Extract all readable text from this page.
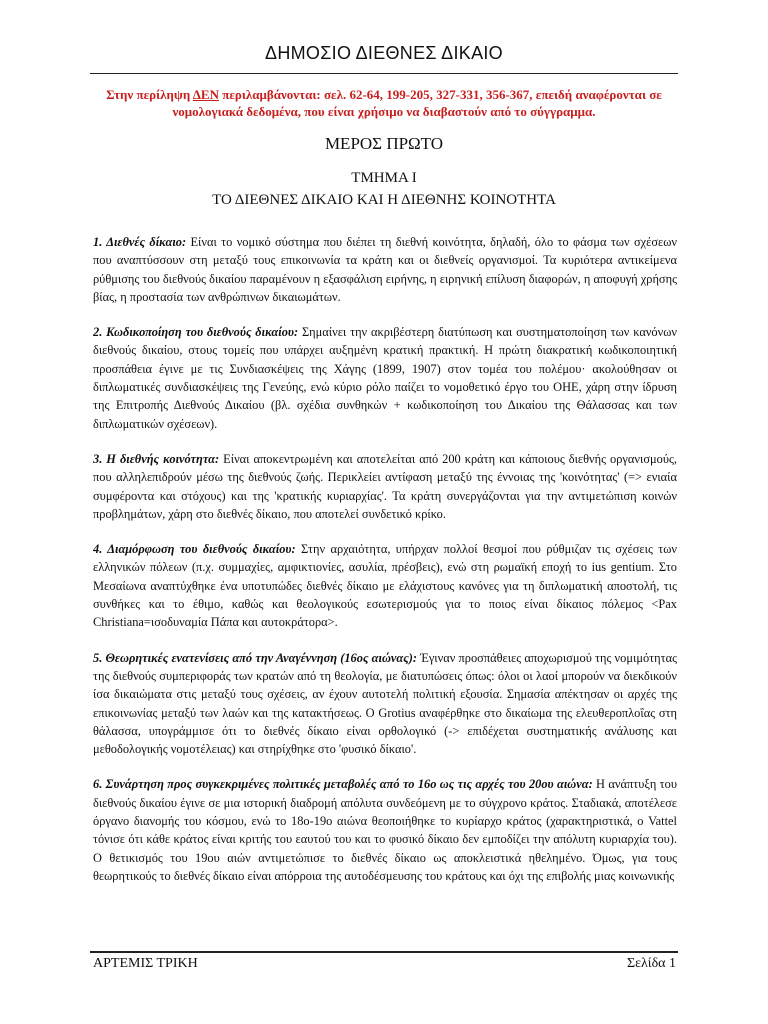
ΔΗΜΟΣΙΟ ΔΙΕΘΝΕΣ ΔΙΚΑΙΟ
Στην περίληψη ΔΕΝ περιλαμβάνονται: σελ. 62-64, 199-205, 327-331, 356-367, επειδή αναφέρονται σε νομολογιακά δεδομένα, που είναι χρήσιμο να διαβαστούν από το σύγγραμμα.
ΜΕΡΟΣ ΠΡΩΤΟ
ΤΜΗΜΑ Ι
ΤΟ ΔΙΕΘΝΕΣ ΔΙΚΑΙΟ ΚΑΙ Η ΔΙΕΘΝΗΣ ΚΟΙΝΟΤΗΤΑ

1. Διεθνές δίκαιο: Είναι το νομικό σύστημα που διέπει τη διεθνή κοινότητα, δηλαδή, όλο το φάσμα των σχέσεων που αναπτύσσουν στη μεταξύ τους επικοινωνία τα κράτη και οι διεθνείς οργανισμοί. Τα κυριότερα αντικείμενα ρύθμισης του διεθνούς δικαίου παραμένουν η εξασφάλιση ειρήνης, η ειρηνική επίλυση διαφορών, η αποφυγή χρήσης βίας, η προστασία των ανθρώπινων δικαιωμάτων.

2. Κωδικοποίηση του διεθνούς δικαίου: Σημαίνει την ακριβέστερη διατύπωση και συστηματοποίηση των κανόνων διεθνούς δικαίου, στους τομείς που υπάρχει αυξημένη κρατική πρακτική. Η πρώτη διακρατική κωδικοποιητική προσπάθεια έγινε με τις Συνδιασκέψεις της Χάγης (1899, 1907) στον τομέα του πολέμου· ακολούθησαν οι διπλωματικές συνδιασκέψεις της Γενεύης, ενώ κύριο ρόλο παίζει το νομοθετικό έργο του ΟΗΕ, χάρη στην ίδρυση της Επιτροπής Διεθνούς Δικαίου (βλ. σχέδια συνθηκών + κωδικοποίηση του Δικαίου της Θάλασσας και των διπλωματικών σχέσεων).

3. Η διεθνής κοινότητα: Είναι αποκεντρωμένη και αποτελείται από 200 κράτη και κάποιους διεθνής οργανισμούς, που αλληλεπιδρούν μέσω της διεθνούς ζωής. Περικλείει αντίφαση μεταξύ της έννοιας της 'κοινότητας' (=> ενιαία συμφέροντα και στόχους) και της 'κρατικής κυριαρχίας'. Τα κράτη συνεργάζονται για την αντιμετώπιση κοινών προβλημάτων, χάρη στο διεθνές δίκαιο, που αποτελεί συνδετικό κρίκο.

4. Διαμόρφωση του διεθνούς δικαίου: Στην αρχαιότητα, υπήρχαν πολλοί θεσμοί που ρύθμιζαν τις σχέσεις των ελληνικών πόλεων (π.χ. συμμαχίες, αμφικτιονίες, ασυλία, πρέσβεις), ενώ στη ρωμαϊκή εποχή το ius gentium. Στο Μεσαίωνα αναπτύχθηκε ένα υποτυπώδες διεθνές δίκαιο με ελάχιστους κανόνες για τη διπλωματική αποστολή, τις συνθήκες και το έθιμο, καθώς και θεολογικούς εσωτερισμούς για το ποιος είναι δίκαιος πόλεμος <Pax Christiana=ισοδυναμία Πάπα και αυτοκράτορα>.

5. Θεωρητικές ενατενίσεις από την Αναγέννηση (16ος αιώνας): Έγιναν προσπάθειες αποχωρισμού της νομιμότητας της διεθνούς συμπεριφοράς των κρατών από τη θεολογία, με διατυπώσεις όπως: όλοι οι λαοί μπορούν να διεκδικούν ίσα δικαιώματα στις μεταξύ τους σχέσεις, αν έχουν αυτοτελή πολιτική εξουσία. Σημασία απέκτησαν οι αρχές της επικοινωνίας μεταξύ των λαών και της κατακτήσεως. Ο Grotius αναφέρθηκε στο δικαίωμα της ελευθεροπλοΐας στη θάλασσα, υπογράμμισε ότι το διεθνές δίκαιο είναι ορθολογικό (-> επιδέχεται συστηματικής ανάλυσης και μεθοδολογικής νομοτέλειας) και στηρίχθηκε στο 'φυσικό δίκαιο'.

6. Συνάρτηση προς συγκεκριμένες πολιτικές μεταβολές από το 16ο ως τις αρχές του 20ου αιώνα: Η ανάπτυξη του διεθνούς δικαίου έγινε σε μια ιστορική διαδρομή απόλυτα συνδεόμενη με το σύγχρονο κράτος. Σταδιακά, αποτέλεσε όργανο διανομής του κόσμου, ενώ το 18ο-19ο αιώνα θεοποιήθηκε το κυρίαρχο κράτος (χαρακτηριστικά, ο Vattel τόνισε ότι κάθε κράτος είναι κριτής του εαυτού του και το φυσικό δίκαιο δεν εμποδίζει την απόλυτη κυριαρχία του). Ο θετικισμός του 19ου αιών αντιμετώπισε το διεθνές δίκαιο ως αποκλειστικά ηθελημένο. Όμως, για τους θεωρητικούς το διεθνές δίκαιο είναι απόρροια της αυτοδέσμευσης του κράτους και όχι της επιβολής μιας κοινωνικής

ΑΡΤΕΜΙΣ ΤΡΙΚΗ	Σελίδα 1
